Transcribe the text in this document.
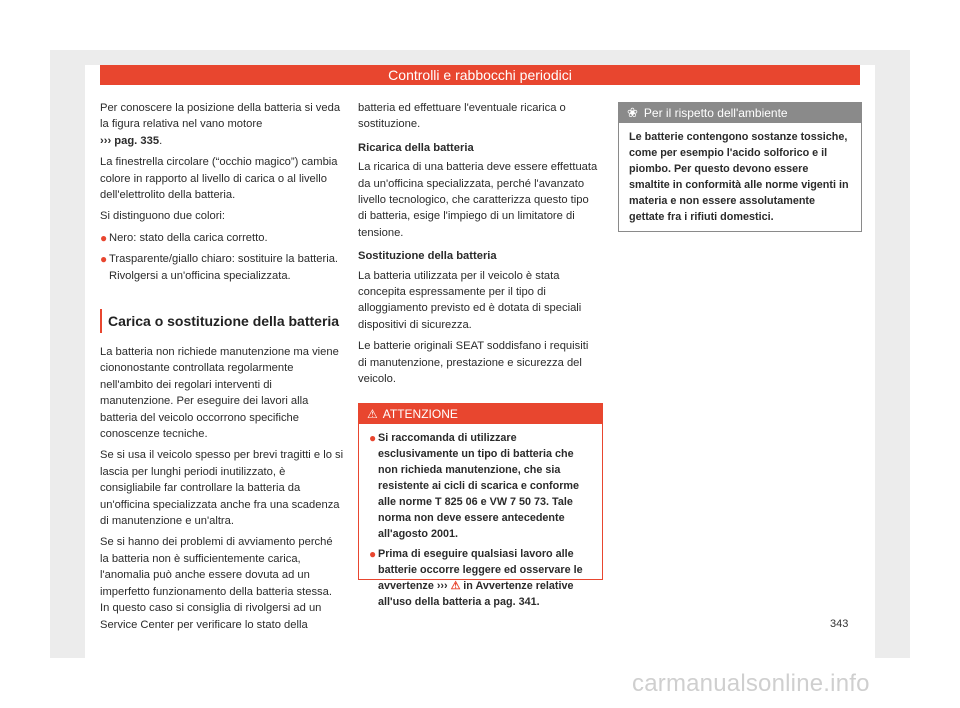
Controlli e rabbocchi periodici

Per conoscere la posizione della batteria si veda la figura relativa nel vano motore
››› pag. 335.

La finestrella circolare (“occhio magico”) cambia colore in rapporto al livello di carica o al livello dell'elettrolito della batteria.

Si distinguono due colori:

● Nero: stato della carica corretto.
● Trasparente/giallo chiaro: sostituire la batteria. Rivolgersi a un'officina specializzata.
Carica o sostituzione della batteria

La batteria non richiede manutenzione ma viene ciononostante controllata regolarmente nell'ambito dei regolari interventi di manutenzione. Per eseguire dei lavori alla batteria del veicolo occorrono specifiche conoscenze tecniche.

Se si usa il veicolo spesso per brevi tragitti e lo si lascia per lunghi periodi inutilizzato, è consigliabile far controllare la batteria da un'officina specializzata anche fra una scadenza di manutenzione e un'altra.

Se si hanno dei problemi di avviamento perché la batteria non è sufficientemente carica, l'anomalia può anche essere dovuta ad un imperfetto funzionamento della batteria stessa. In questo caso si consiglia di rivolgersi ad un Service Center per verificare lo stato della

batteria ed effettuare l'eventuale ricarica o sostituzione.

Ricarica della batteria

La ricarica di una batteria deve essere effettuata da un'officina specializzata, perché l'avanzato livello tecnologico, che caratterizza questo tipo di batteria, esige l'impiego di un limitatore di tensione.

Sostituzione della batteria

La batteria utilizzata per il veicolo è stata concepita espressamente per il tipo di alloggiamento previsto ed è dotata di speciali dispositivi di sicurezza.

Le batterie originali SEAT soddisfano i requisiti di manutenzione, prestazione e sicurezza del veicolo.

⚠ ATTENZIONE
● Si raccomanda di utilizzare esclusivamente un tipo di batteria che non richieda manutenzione, che sia resistente ai cicli di scarica e conforme alle norme T 825 06 e VW 7 50 73. Tale norma non deve essere antecedente all'agosto 2001.
● Prima di eseguire qualsiasi lavoro alle batterie occorre leggere ed osservare le avvertenze ››› ⚠ in Avvertenze relative all'uso della batteria a pag. 341.
❀ Per il rispetto dell'ambiente
Le batterie contengono sostanze tossiche, come per esempio l'acido solforico e il piombo. Per questo devono essere smaltite in conformità alle norme vigenti in materia e non essere assolutamente gettate fra i rifiuti domestici.
343
carmanualsonline.info
